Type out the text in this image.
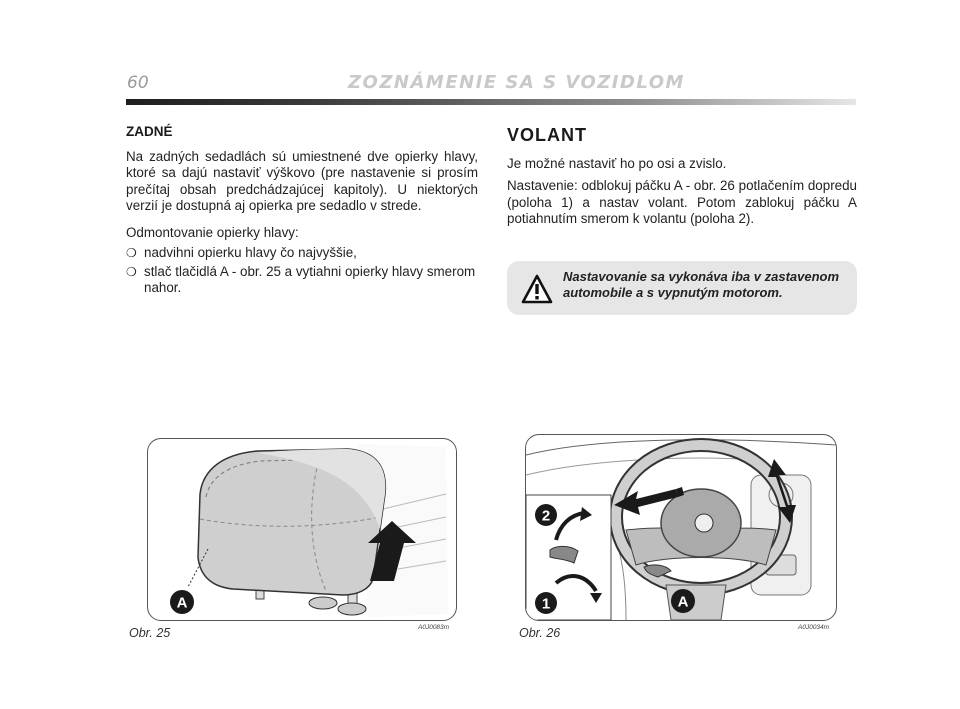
60	ZOZNÁMENIE SA S VOZIDLOM

ZADNÉ

Na zadných sedadlách sú umiestnené dve opierky hlavy, ktoré sa dajú nastaviť výškovo (pre nastavenie si prosím prečítaj obsah predchádzajúcej kapitoly). U niektorých verzií je dostupná aj opierka pre sedadlo v strede.

Odmontovanie opierky hlavy:

❍ nadvihni opierku hlavy čo najvyššie,
❍ stlač tlačidlá A - obr. 25 a vytiahni opierky hlavy smerom nahor.

VOLANT

Je možné nastaviť ho po osi a zvislo.

Nastavenie: odblokuj páčku A - obr. 26 potlačením dopredu (poloha 1) a nastav volant. Potom zablokuj páčku A potiahnutím smerom k volantu (poloha 2).

Nastavovanie sa vykonáva iba v zastavenom automobile a s vypnutým motorom.
A
Obr. 25	A0J0083m
2
1	A
Obr. 26	A0J0034m
